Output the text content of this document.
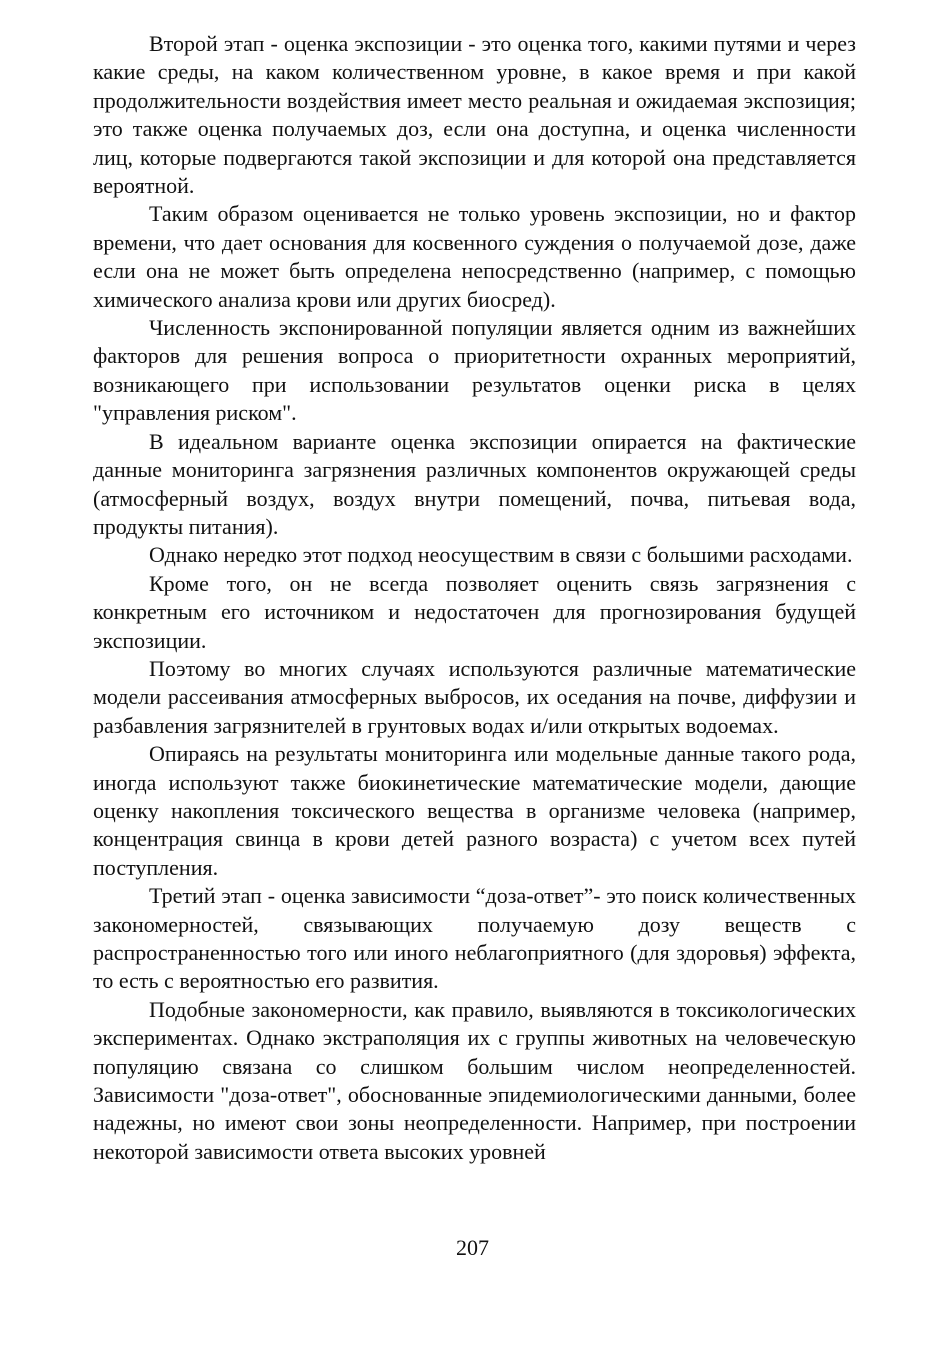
Второй этап - оценка экспозиции - это оценка того, какими путями и через какие среды, на каком количественном уровне, в какое время и при какой продолжительности воздействия имеет место реальная и ожидаемая экспозиция; это также оценка получаемых доз, если она доступна, и оценка численности лиц, которые подвергаются такой экспозиции и для которой она представляется вероятной.

Таким образом оценивается не только уровень экспозиции, но и фактор времени, что дает основания для косвенного суждения о получаемой дозе, даже если она не может быть определена непосредственно (например, с помощью химического анализа крови или других биосред).

Численность экспонированной популяции является одним из важнейших факторов для решения вопроса о приоритетности охранных мероприятий, возникающего при использовании результатов оценки риска в целях "управления риском".

В идеальном варианте оценка экспозиции опирается на фактические данные мониторинга загрязнения различных компонентов окружающей среды (атмосферный воздух, воздух внутри помещений, почва, питьевая вода, продукты питания).

Однако нередко этот подход неосуществим в связи с большими расходами.

Кроме того, он не всегда позволяет оценить связь загрязнения с конкретным его источником и недостаточен для прогнозирования будущей экспозиции.

Поэтому во многих случаях используются различные математические модели рассеивания атмосферных выбросов, их оседания на почве, диффузии и разбавления загрязнителей в грунтовых водах и/или открытых водоемах.

Опираясь на результаты мониторинга или модельные данные такого рода, иногда используют также биокинетические математические модели, дающие оценку накопления токсического вещества в организме человека (например, концентрация свинца в крови детей разного возраста) с учетом всех путей поступления.

Третий этап - оценка зависимости “доза-ответ”- это поиск количественных закономерностей, связывающих получаемую дозу веществ с распространенностью того или иного неблагоприятного (для здоровья) эффекта, то есть с вероятностью его развития.

Подобные закономерности, как правило, выявляются в токсикологических экспериментах. Однако экстраполяция их с группы животных на человеческую популяцию связана со слишком большим числом неопределенностей. Зависимости "доза-ответ", обоснованные эпидемиологическими данными, более надежны, но имеют свои зоны неопределенности. Например, при построении некоторой зависимости ответа высоких уровней

207
